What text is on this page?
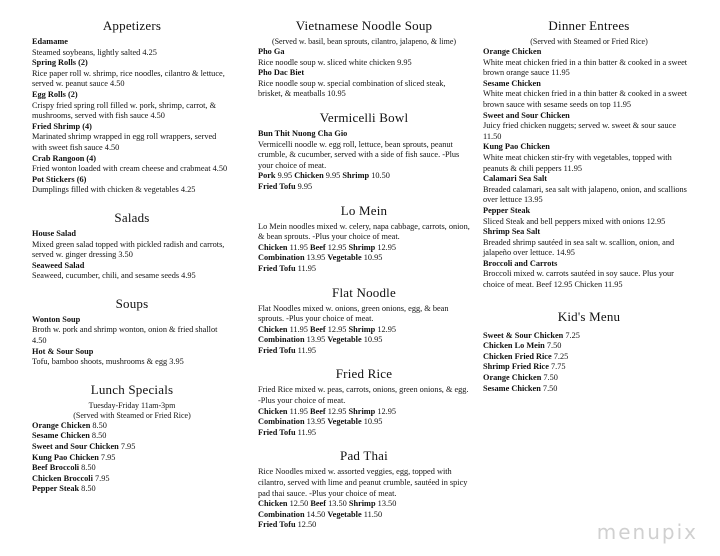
Appetizers
Edamame
Steamed soybeans, lightly salted 4.25
Spring Rolls (2)
Rice paper roll w. shrimp, rice noodles, cilantro & lettuce, served w. peanut sauce 4.50
Egg Rolls (2)
Crispy fried spring roll filled w. pork, shrimp, carrot, & mushrooms, served with fish sauce 4.50
Fried Shrimp (4)
Marinated shrimp wrapped in egg roll wrappers, served with sweet fish sauce 4.50
Crab Rangoon (4)
Fried wonton loaded with cream cheese and crabmeat 4.50
Pot Stickers (6)
Dumplings filled with chicken & vegetables 4.25
Salads
House Salad
Mixed green salad topped with pickled radish and carrots, served w. ginger dressing 3.50
Seaweed Salad
Seaweed, cucumber, chili, and sesame seeds 4.95
Soups
Wonton Soup
Broth w. pork and shrimp wonton, onion & fried shallot 4.50
Hot & Sour Soup
Tofu, bamboo shoots, mushrooms & egg 3.95
Lunch Specials
Tuesday-Friday 11am-3pm
(Served with Steamed or Fried Rice)
Orange Chicken 8.50
Sesame Chicken 8.50
Sweet and Sour Chicken 7.95
Kung Pao Chicken 7.95
Beef Broccoli 8.50
Chicken Broccoli 7.95
Pepper Steak 8.50
Vietnamese Noodle Soup
(Served w. basil, bean sprouts, cilantro, jalapeno, & lime)
Pho Ga
Rice noodle soup w. sliced white chicken 9.95
Pho Dac Biet
Rice noodle soup w. special combination of sliced steak, brisket, & meatballs 10.95
Vermicelli Bowl
Bun Thit Nuong Cha Gio
Vermicelli noodle w. egg roll, lettuce, bean sprouts, peanut crumble, & cucumber, served with a side of fish sauce. -Plus your choice of meat.
Pork 9.95 Chicken 9.95 Shrimp 10.50
Fried Tofu 9.95
Lo Mein
Lo Mein noodles mixed w. celery, napa cabbage, carrots, onion, & bean sprouts. -Plus your choice of meat.
Chicken 11.95 Beef 12.95 Shrimp 12.95
Combination 13.95 Vegetable 10.95
Fried Tofu 11.95
Flat Noodle
Flat Noodles mixed w. onions, green onions, egg, & bean sprouts. -Plus your choice of meat.
Chicken 11.95 Beef 12.95 Shrimp 12.95
Combination 13.95 Vegetable 10.95
Fried Tofu 11.95
Fried Rice
Fried Rice mixed w. peas, carrots, onions, green onions, & egg. -Plus your choice of meat.
Chicken 11.95 Beef 12.95 Shrimp 12.95
Combination 13.95 Vegetable 10.95
Fried Tofu 11.95
Pad Thai
Rice Noodles mixed w. assorted veggies, egg, topped with cilantro, served with lime and peanut crumble, sautéed in spicy pad thai sauce. -Plus your choice of meat.
Chicken 12.50 Beef 13.50 Shrimp 13.50
Combination 14.50 Vegetable 11.50
Fried Tofu 12.50
Dinner Entrees
(Served with Steamed or Fried Rice)
Orange Chicken
White meat chicken fried in a thin batter & cooked in a sweet brown orange sauce 11.95
Sesame Chicken
White meat chicken fried in a thin batter & cooked in a sweet brown sauce with sesame seeds on top 11.95
Sweet and Sour Chicken
Juicy fried chicken nuggets; served w. sweet & sour sauce 11.50
Kung Pao Chicken
White meat chicken stir-fry with vegetables, topped with peanuts & chili peppers 11.95
Calamari Sea Salt
Breaded calamari, sea salt with jalapeno, onion, and scallions over lettuce 13.95
Pepper Steak
Sliced Steak and bell peppers mixed with onions 12.95
Shrimp Sea Salt
Breaded shrimp sautéed in sea salt w. scallion, onion, and jalapeño over lettuce. 14.95
Broccoli and Carrots
Broccoli mixed w. carrots sautéed in soy sauce. Plus your choice of meat. Beef 12.95 Chicken 11.95
Kid's Menu
Sweet & Sour Chicken 7.25
Chicken Lo Mein 7.50
Chicken Fried Rice 7.25
Shrimp Fried Rice 7.75
Orange Chicken 7.50
Sesame Chicken 7.50
menupix
